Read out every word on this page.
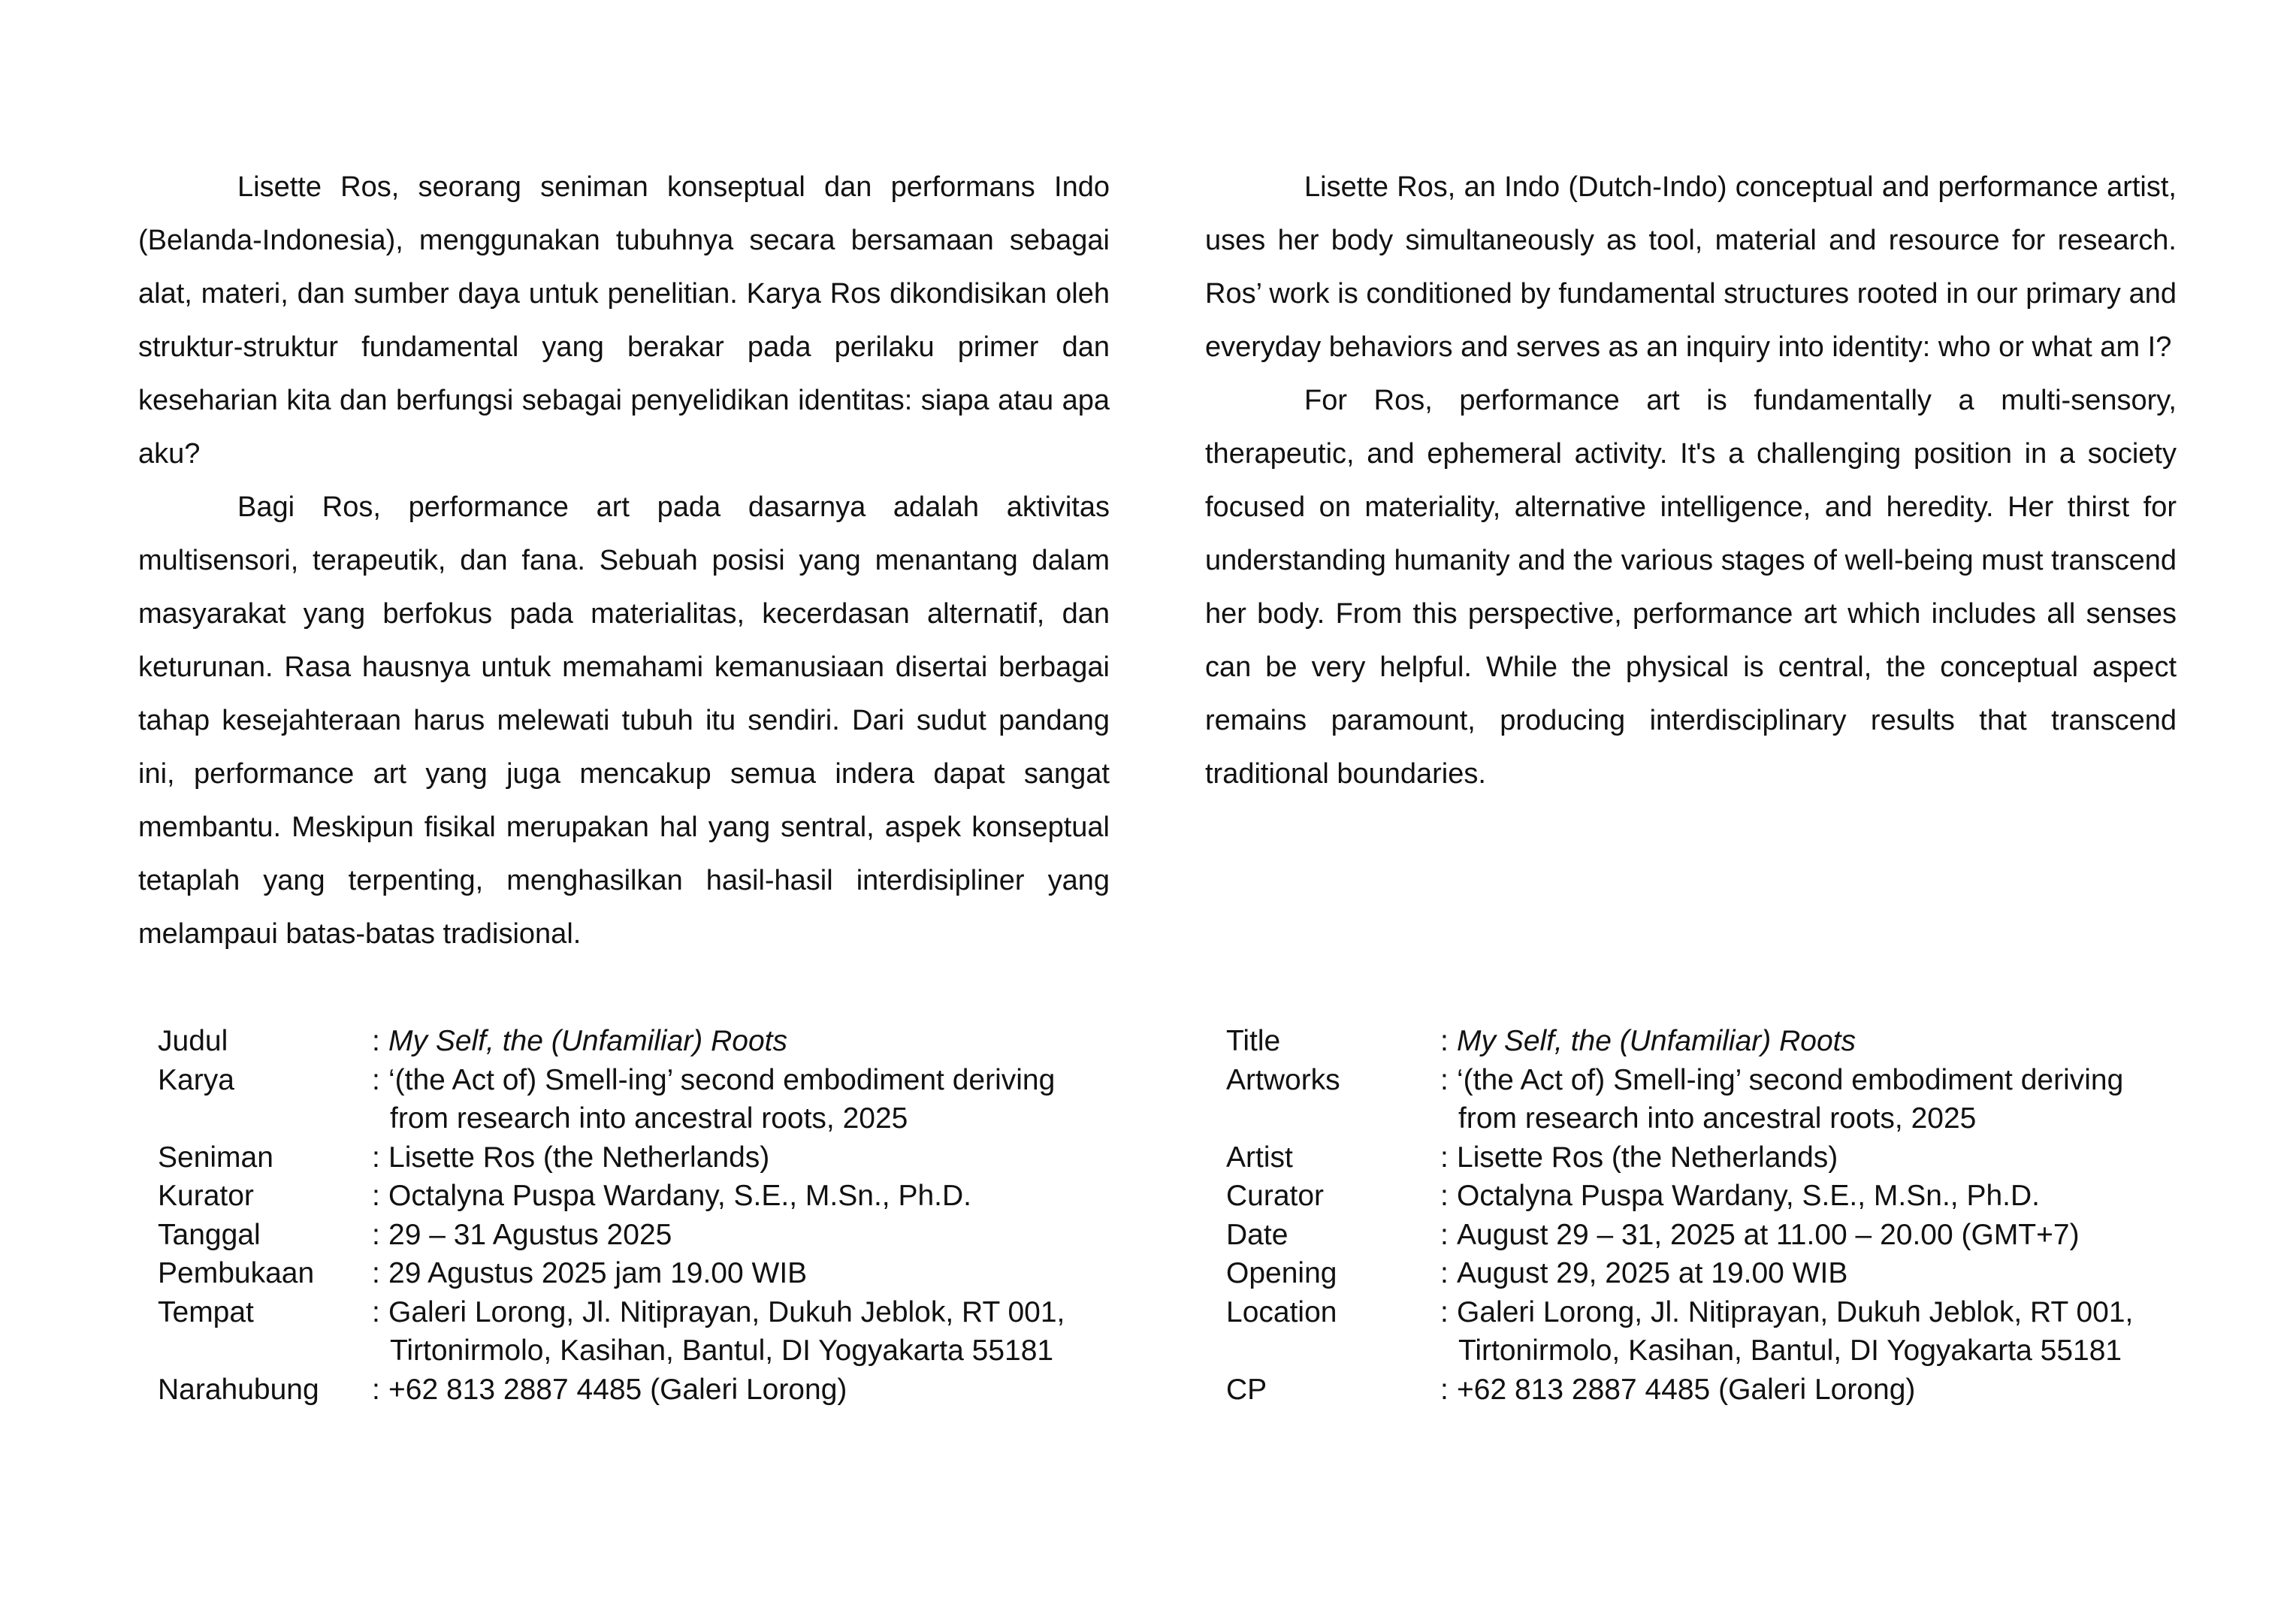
Lisette Ros, seorang seniman konseptual dan performans Indo (Belanda-Indonesia), menggunakan tubuhnya secara bersamaan sebagai alat, materi, dan sumber daya untuk penelitian. Karya Ros dikondisikan oleh struktur-struktur fundamental yang berakar pada perilaku primer dan keseharian kita dan berfungsi sebagai penyelidikan identitas: siapa atau apa aku?

Bagi Ros, performance art pada dasarnya adalah aktivitas multisensori, terapeutik, dan fana. Sebuah posisi yang menantang dalam masyarakat yang berfokus pada materialitas, kecerdasan alternatif, dan keturunan. Rasa hausnya untuk memahami kemanusiaan disertai berbagai tahap kesejahteraan harus melewati tubuh itu sendiri. Dari sudut pandang ini, performance art yang juga mencakup semua indera dapat sangat membantu. Meskipun fisikal merupakan hal yang sentral, aspek konseptual tetaplah yang terpenting, menghasilkan hasil-hasil interdisipliner yang melampaui batas-batas tradisional.

Lisette Ros, an Indo (Dutch-Indo) conceptual and performance artist, uses her body simultaneously as tool, material and resource for research. Ros’ work is conditioned by fundamental structures rooted in our primary and everyday behaviors and serves as an inquiry into identity: who or what am I?

For Ros, performance art is fundamentally a multi-sensory, therapeutic, and ephemeral activity. It's a challenging position in a society focused on materiality, alternative intelligence, and heredity. Her thirst for understanding humanity and the various stages of well-being must transcend her body. From this perspective, performance art which includes all senses can be very helpful. While the physical is central, the conceptual aspect remains paramount, producing interdisciplinary results that transcend traditional boundaries.

Judul	: My Self, the (Unfamiliar) Roots
Karya	: ‘(the Act of) Smell-ing’ second embodiment deriving
from research into ancestral roots, 2025
Seniman	: Lisette Ros (the Netherlands)
Kurator	: Octalyna Puspa Wardany, S.E., M.Sn., Ph.D.
Tanggal	: 29 – 31 Agustus 2025
Pembukaan	: 29 Agustus 2025 jam 19.00 WIB
Tempat	: Galeri Lorong, Jl. Nitiprayan, Dukuh Jeblok, RT 001,
Tirtonirmolo, Kasihan, Bantul, DI Yogyakarta 55181
Narahubung	: +62 813 2887 4485 (Galeri Lorong)
Title	: My Self, the (Unfamiliar) Roots
Artworks	: ‘(the Act of) Smell-ing’ second embodiment deriving
from research into ancestral roots, 2025
Artist	: Lisette Ros (the Netherlands)
Curator	: Octalyna Puspa Wardany, S.E., M.Sn., Ph.D.
Date	: August 29 – 31, 2025 at 11.00 – 20.00 (GMT+7)
Opening	: August 29, 2025 at 19.00 WIB
Location	: Galeri Lorong, Jl. Nitiprayan, Dukuh Jeblok, RT 001,
Tirtonirmolo, Kasihan, Bantul, DI Yogyakarta 55181
CP	: +62 813 2887 4485 (Galeri Lorong)
